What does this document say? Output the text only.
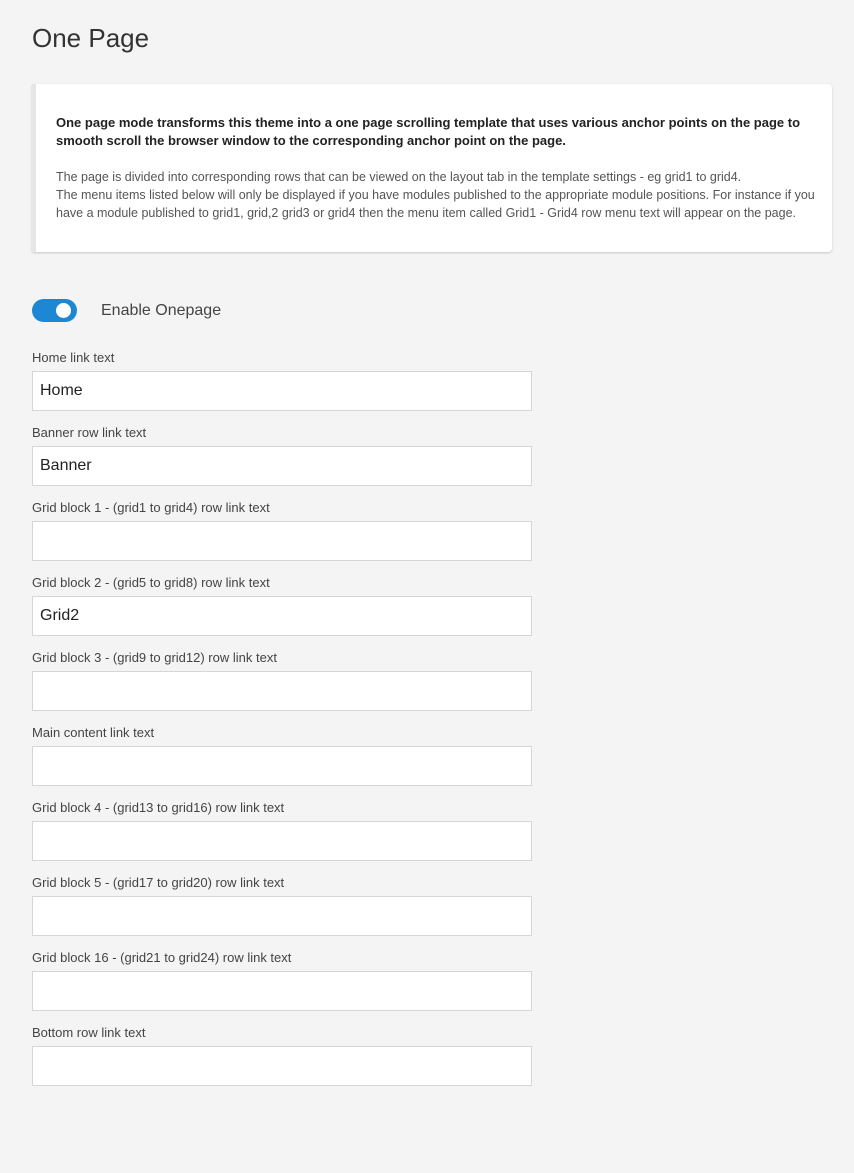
One Page

One page mode transforms this theme into a one page scrolling template that uses various anchor points on the page to smooth scroll the browser window to the corresponding anchor point on the page.

The page is divided into corresponding rows that can be viewed on the layout tab in the template settings - eg grid1 to grid4.

The menu items listed below will only be displayed if you have modules published to the appropriate module positions. For instance if you have a module published to grid1, grid,2 grid3 or grid4 then the menu item called Grid1 - Grid4 row menu text will appear on the page.

Enable Onepage
Home link text
Home
Banner row link text
Banner
Grid block 1 - (grid1 to grid4) row link text
Grid block 2 - (grid5 to grid8) row link text
Grid2
Grid block 3 - (grid9 to grid12) row link text
Main content link text
Grid block 4 - (grid13 to grid16) row link text
Grid block 5 - (grid17 to grid20) row link text
Grid block 16 - (grid21 to grid24) row link text
Bottom row link text
